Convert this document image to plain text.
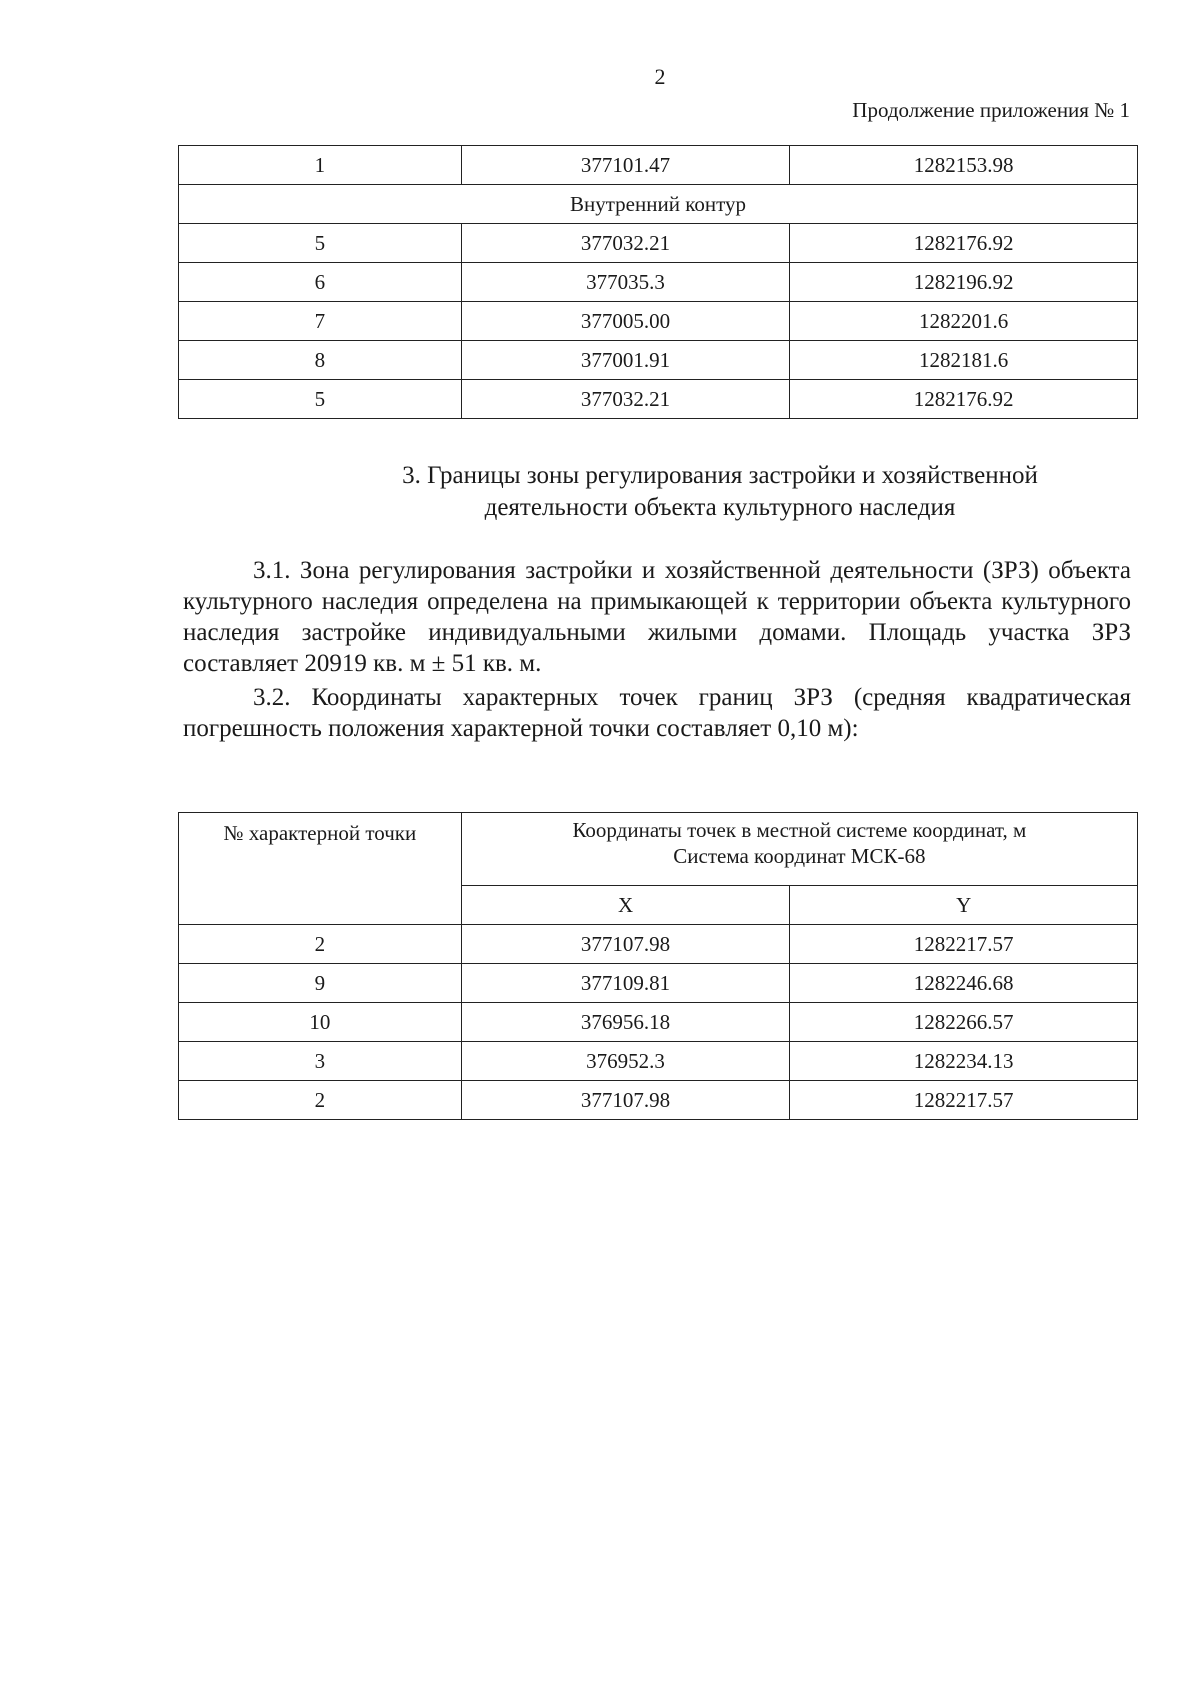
2
Продолжение приложения № 1
1	377101.47	1282153.98
Внутренний контур		
5	377032.21	1282176.92
6	377035.3	1282196.92
7	377005.00	1282201.6
8	377001.91	1282181.6
5	377032.21	1282176.92
3. Границы зоны регулирования застройки и хозяйственной
деятельности объекта культурного наследия
3.1. Зона регулирования застройки и хозяйственной деятельности (ЗРЗ) объекта культурного наследия определена на примыкающей к территории объекта культурного наследия застройке индивидуальными жилыми домами. Площадь участка ЗРЗ составляет 20919 кв. м ± 51 кв. м.
3.2. Координаты характерных точек границ ЗРЗ (средняя квадратическая погрешность положения характерной точки составляет 0,10 м):
№ характерной точки	Координаты точек в местной системе координат, м
Система координат МСК-68	

	X	Y
2	377107.98	1282217.57
9	377109.81	1282246.68
10	376956.18	1282266.57
3	376952.3	1282234.13
2	377107.98	1282217.57
